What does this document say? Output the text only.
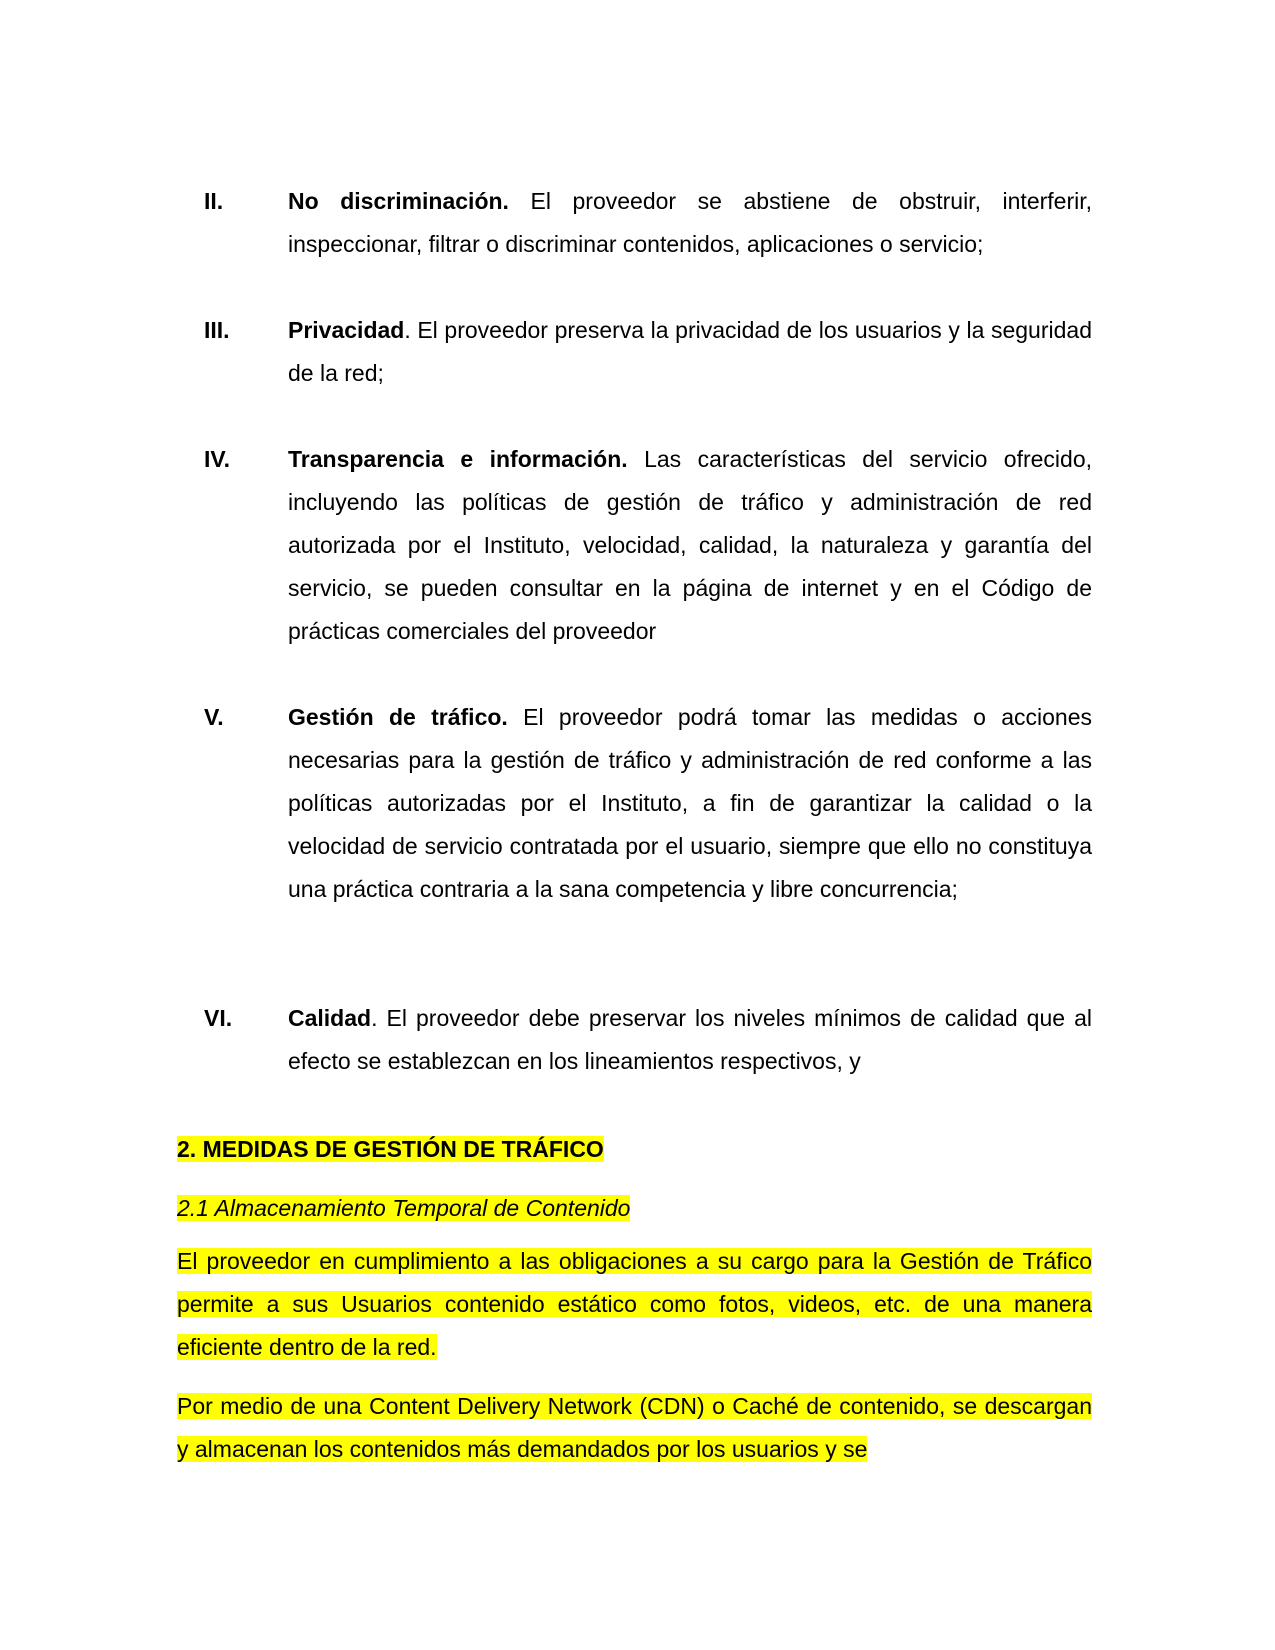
II.	No discriminación. El proveedor se abstiene de obstruir, interferir, inspeccionar, filtrar o discriminar contenidos, aplicaciones o servicio;
III.	Privacidad. El proveedor preserva la privacidad de los usuarios y la seguridad de la red;
IV.	Transparencia e información. Las características del servicio ofrecido, incluyendo las políticas de gestión de tráfico y administración de red autorizada por el Instituto, velocidad, calidad, la naturaleza y garantía del servicio, se pueden consultar en la página de internet y en el Código de prácticas comerciales del proveedor
V.	Gestión de tráfico. El proveedor podrá tomar las medidas o acciones necesarias para la gestión de tráfico y administración de red conforme a las políticas autorizadas por el Instituto, a fin de garantizar la calidad o la velocidad de servicio contratada por el usuario, siempre que ello no constituya una práctica contraria a la sana competencia y libre concurrencia;
VI. Calidad. El proveedor debe preservar los niveles mínimos de calidad que al efecto se establezcan en los lineamientos respectivos, y
2. MEDIDAS DE GESTIÓN DE TRÁFICO
2.1 Almacenamiento Temporal de Contenido
El proveedor en cumplimiento a las obligaciones a su cargo para la Gestión de Tráfico permite a sus Usuarios contenido estático como fotos, videos, etc. de una manera eficiente dentro de la red.
Por medio de una Content Delivery Network (CDN) o Caché de contenido, se descargan y almacenan los contenidos más demandados por los usuarios y se
